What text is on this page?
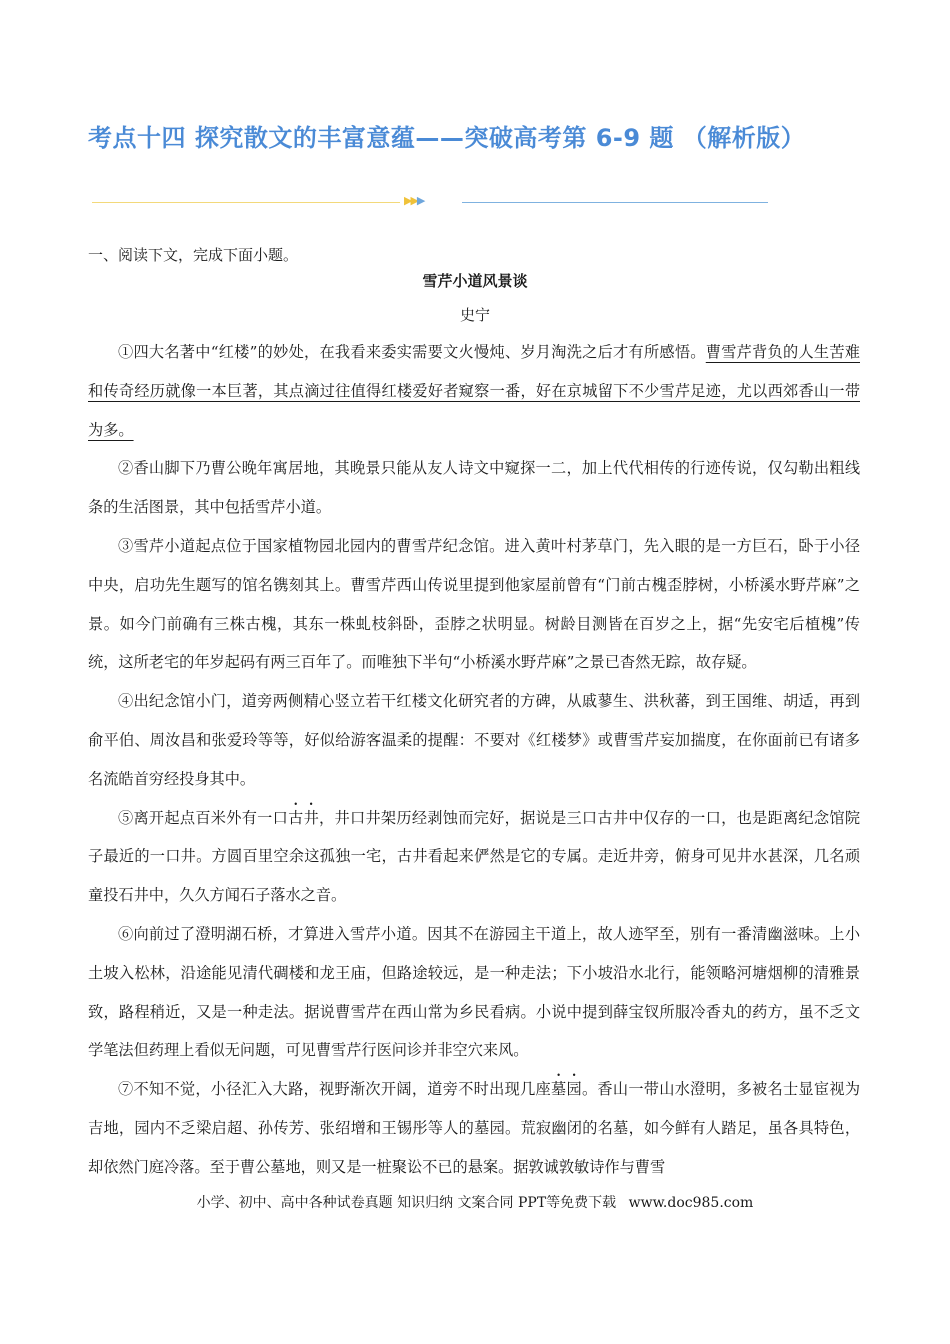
考点十四 探究散文的丰富意蕴——突破高考第 6-9 题 （解析版）
▶▶▶
一、阅读下文，完成下面小题。
雪芹小道风景谈
史宁

①四大名著中“红楼”的妙处，在我看来委实需要文火慢炖、岁月淘洗之后才有所感悟。曹雪芹背负的人生苦难和传奇经历就像一本巨著，其点滴过往值得红楼爱好者窥察一番，好在京城留下不少雪芹足迹，尤以西郊香山一带为多。

②香山脚下乃曹公晚年寓居地，其晚景只能从友人诗文中窥探一二，加上代代相传的行迹传说，仅勾勒出粗线条的生活图景，其中包括雪芹小道。

③雪芹小道起点位于国家植物园北园内的曹雪芹纪念馆。进入黄叶村茅草门，先入眼的是一方巨石，卧于小径中央，启功先生题写的馆名镌刻其上。曹雪芹西山传说里提到他家屋前曾有“门前古槐歪脖树，小桥溪水野芹麻”之景。如今门前确有三株古槐，其东一株虬枝斜卧，歪脖之状明显。树龄目测皆在百岁之上，据“先安宅后植槐”传统，这所老宅的年岁起码有两三百年了。而唯独下半句“小桥溪水野芹麻”之景已杳然无踪，故存疑。

④出纪念馆小门，道旁两侧精心竖立若干红楼文化研究者的方碑，从戚蓼生、洪秋蕃，到王国维、胡适，再到俞平伯、周汝昌和张爱玲等等，好似给游客温柔的提醒：不要对《红楼梦》或曹雪芹妄加揣度，在你面前已有诸多名流皓首穷经投身其中。

⑤离开起点百米外有一口古井，井口井架历经剥蚀而完好，据说是三口古井中仅存的一口，也是距离纪念馆院子最近的一口井。方圆百里空余这孤独一宅，古井看起来俨然是它的专属。走近井旁，俯身可见井水甚深，几名顽童投石井中，久久方闻石子落水之音。

⑥向前过了澄明湖石桥，才算进入雪芹小道。因其不在游园主干道上，故人迹罕至，别有一番清幽滋味。上小土坡入松林，沿途能见清代碉楼和龙王庙，但路途较远，是一种走法；下小坡沿水北行，能领略河塘烟柳的清雅景致，路程稍近，又是一种走法。据说曹雪芹在西山常为乡民看病。小说中提到薛宝钗所服冷香丸的药方，虽不乏文学笔法但药理上看似无问题，可见曹雪芹行医问诊并非空穴来风。

⑦不知不觉，小径汇入大路，视野渐次开阔，道旁不时出现几座墓园。香山一带山水澄明，多被名士显宦视为吉地，园内不乏梁启超、孙传芳、张绍增和王锡彤等人的墓园。荒寂幽闭的名墓，如今鲜有人踏足，虽各具特色，却依然门庭冷落。至于曹公墓地，则又是一桩聚讼不已的悬案。据敦诚敦敏诗作与曹雪

小学、初中、高中各种试卷真题 知识归纳 文案合同 PPT等免费下载 www.doc985.com
